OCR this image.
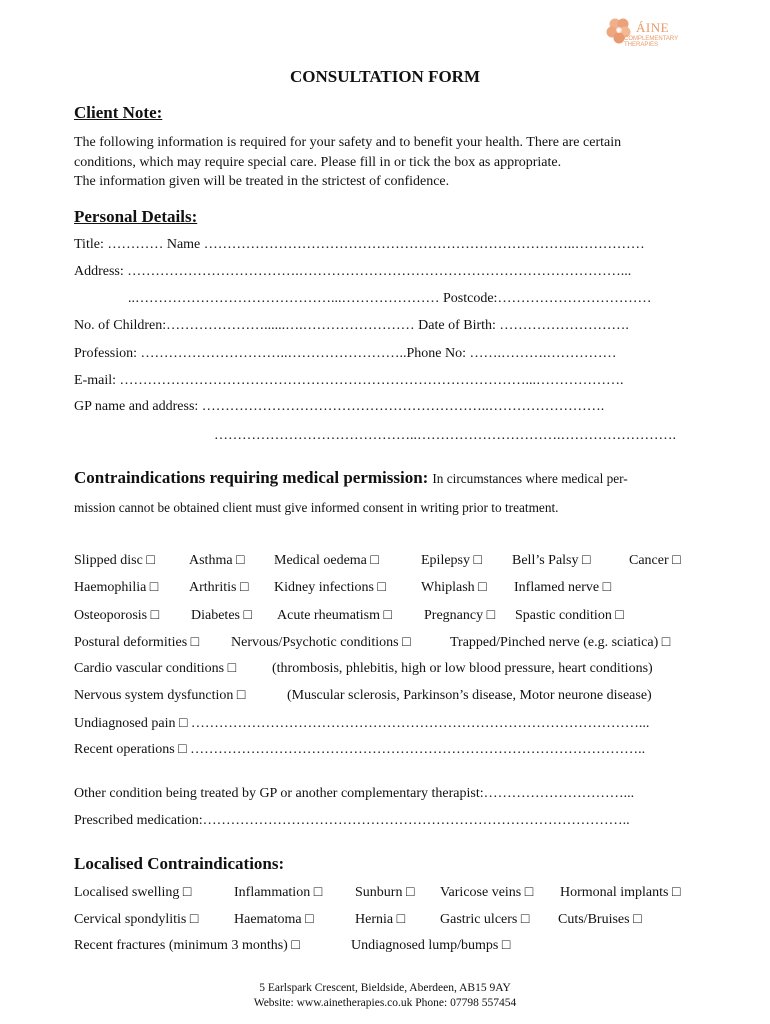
ÁINE
COMPLEMENTARY
THERAPIES
CONSULTATION FORM
Client Note:
The following information is required for your safety and to benefit your health. There are certain
conditions, which may require special care. Please fill in or tick the box as appropriate.
The information given will be treated in the strictest of confidence.
Personal Details:
Title: ………… Name ……………………………………………………………………..……………
Address: ……………………………….……………………………………………………………...
..……………………………………...………………… Postcode:……………………………
No. of Children:…………………......….…………………… Date of Birth: ……………………….
Profession: …………………………..……………………..Phone No: …….……….……………
E-mail: ……………………………………………………………………………...……………….
GP name and address: ……………………………………………………..…………………….
……………………………………..………………………….…………………….
Contraindications requiring medical permission: In circumstances where medical per-
mission cannot be obtained client must give informed consent in writing prior to treatment.
Slipped disc □ Asthma □ Medical oedema □	Epilepsy □ Bell’s Palsy □	Cancer □
Haemophilia □ Arthritis □ Kidney infections □	Whiplash □ Inflamed nerve □
Osteoporosis □ Diabetes □ Acute rheumatism □ Pregnancy □ Spastic condition □
Postural deformities □ Nervous/Psychotic conditions □	Trapped/Pinched nerve (e.g. sciatica) □
Cardio vascular conditions □	(thrombosis, phlebitis, high or low blood pressure, heart conditions)
Nervous system dysfunction □	(Muscular sclerosis, Parkinson’s disease, Motor neurone disease)
Undiagnosed pain □ ……………………………………………………………………………………...
Recent operations □ ……………………………………………………………………………………..
Other condition being treated by GP or another complementary therapist:…………………………...
Prescribed medication:………………………………………………………………………………..
Localised Contraindications:
Localised swelling □	Inflammation □ Sunburn □ Varicose veins □ Hormonal implants □
Cervical spondylitis □	Haematoma □	Hernia □ Gastric ulcers □ Cuts/Bruises □
Recent fractures (minimum 3 months) □	Undiagnosed lump/bumps □
5 Earlspark Crescent, Bieldside, Aberdeen, AB15 9AY
Website: www.ainetherapies.co.uk Phone: 07798 557454
